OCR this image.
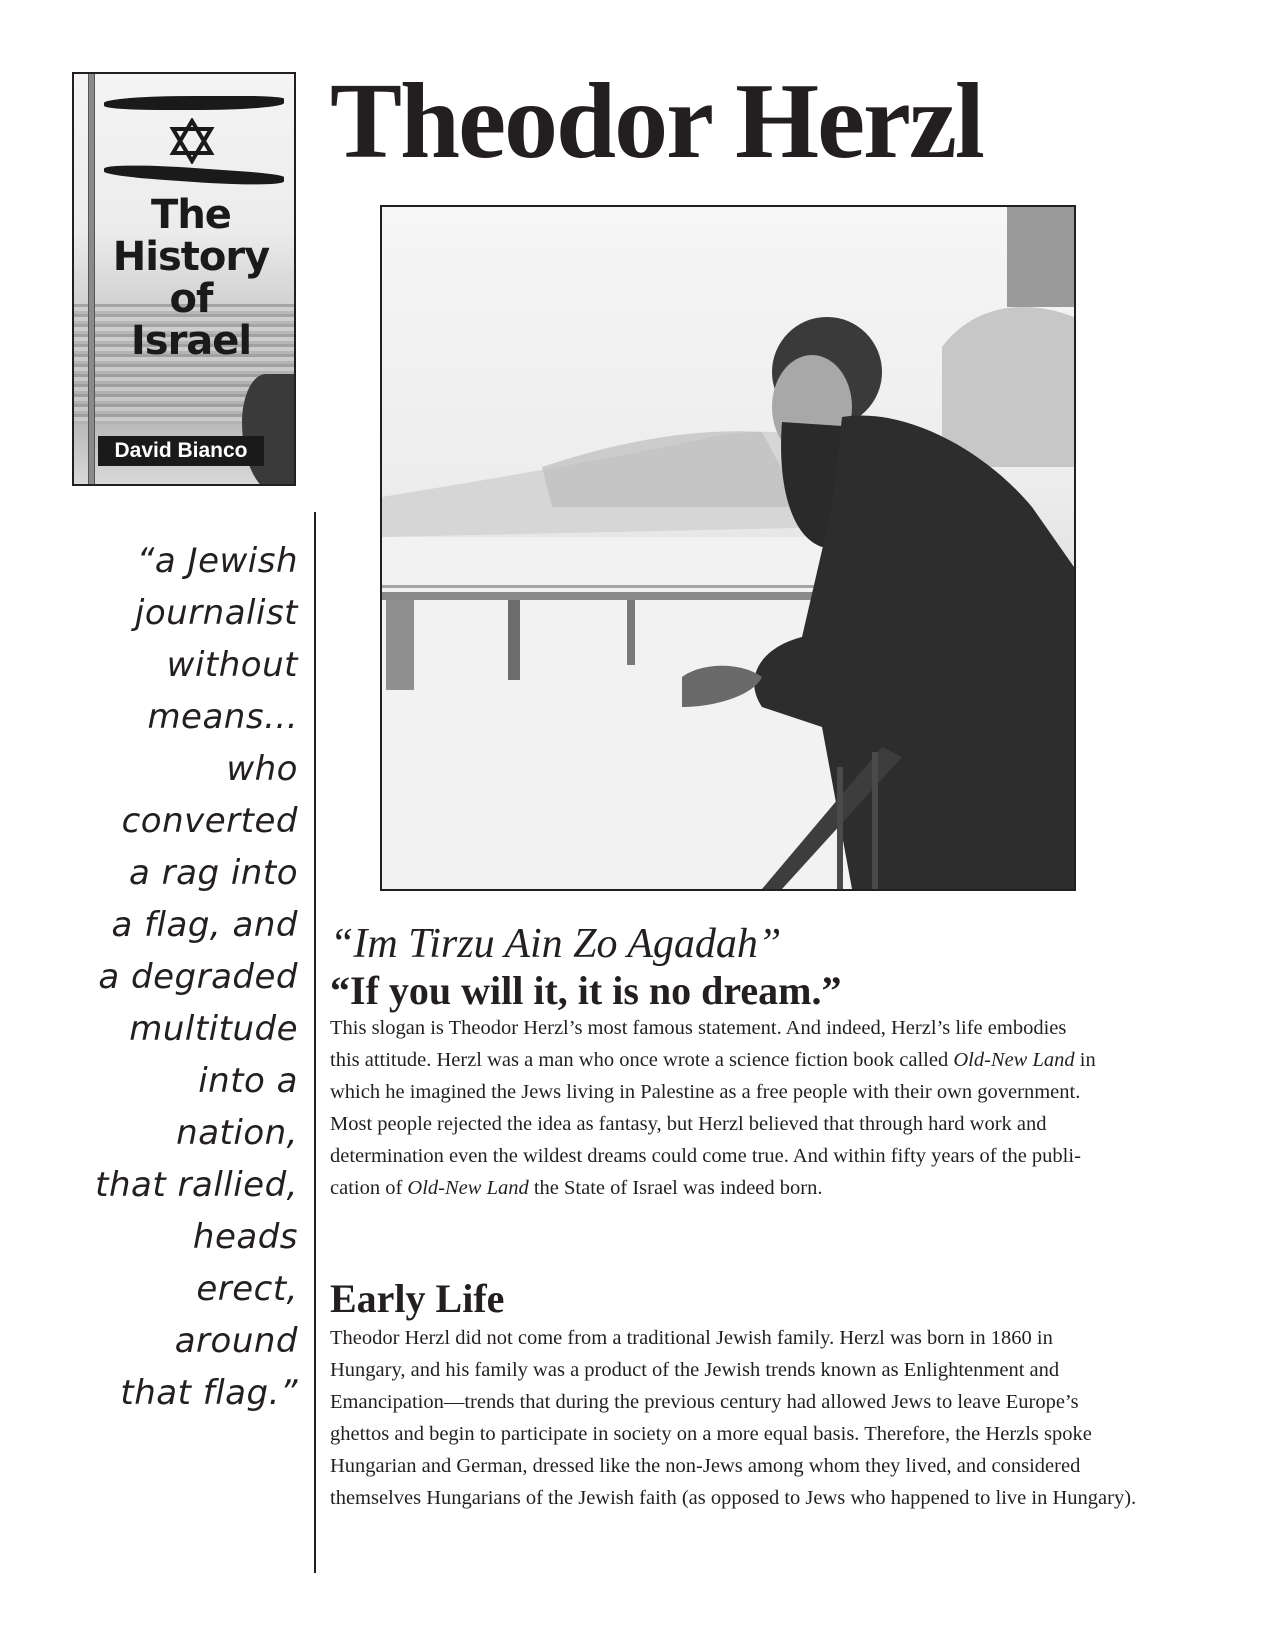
The
History
of
Israel
David Bianco
Theodor Herzl
“a Jewish
journalist
without
means...
who
converted
a rag into
a flag, and
a degraded
multitude
into a
nation,
that rallied,
heads
erect,
around
that flag.”
“Im Tirzu Ain Zo Agadah”
“If you will it, it is no dream.”

This slogan is Theodor Herzl’s most famous statement. And indeed, Herzl’s life embodies
this attitude. Herzl was a man who once wrote a science fiction book called Old-New Land in
which he imagined the Jews living in Palestine as a free people with their own government.
Most people rejected the idea as fantasy, but Herzl believed that through hard work and
determination even the wildest dreams could come true. And within fifty years of the publi-
cation of Old-New Land the State of Israel was indeed born.

Early Life

Theodor Herzl did not come from a traditional Jewish family. Herzl was born in 1860 in
Hungary, and his family was a product of the Jewish trends known as Enlightenment and
Emancipation—trends that during the previous century had allowed Jews to leave Europe’s
ghettos and begin to participate in society on a more equal basis. Therefore, the Herzls spoke
Hungarian and German, dressed like the non-Jews among whom they lived, and considered
themselves Hungarians of the Jewish faith (as opposed to Jews who happened to live in Hungary).
